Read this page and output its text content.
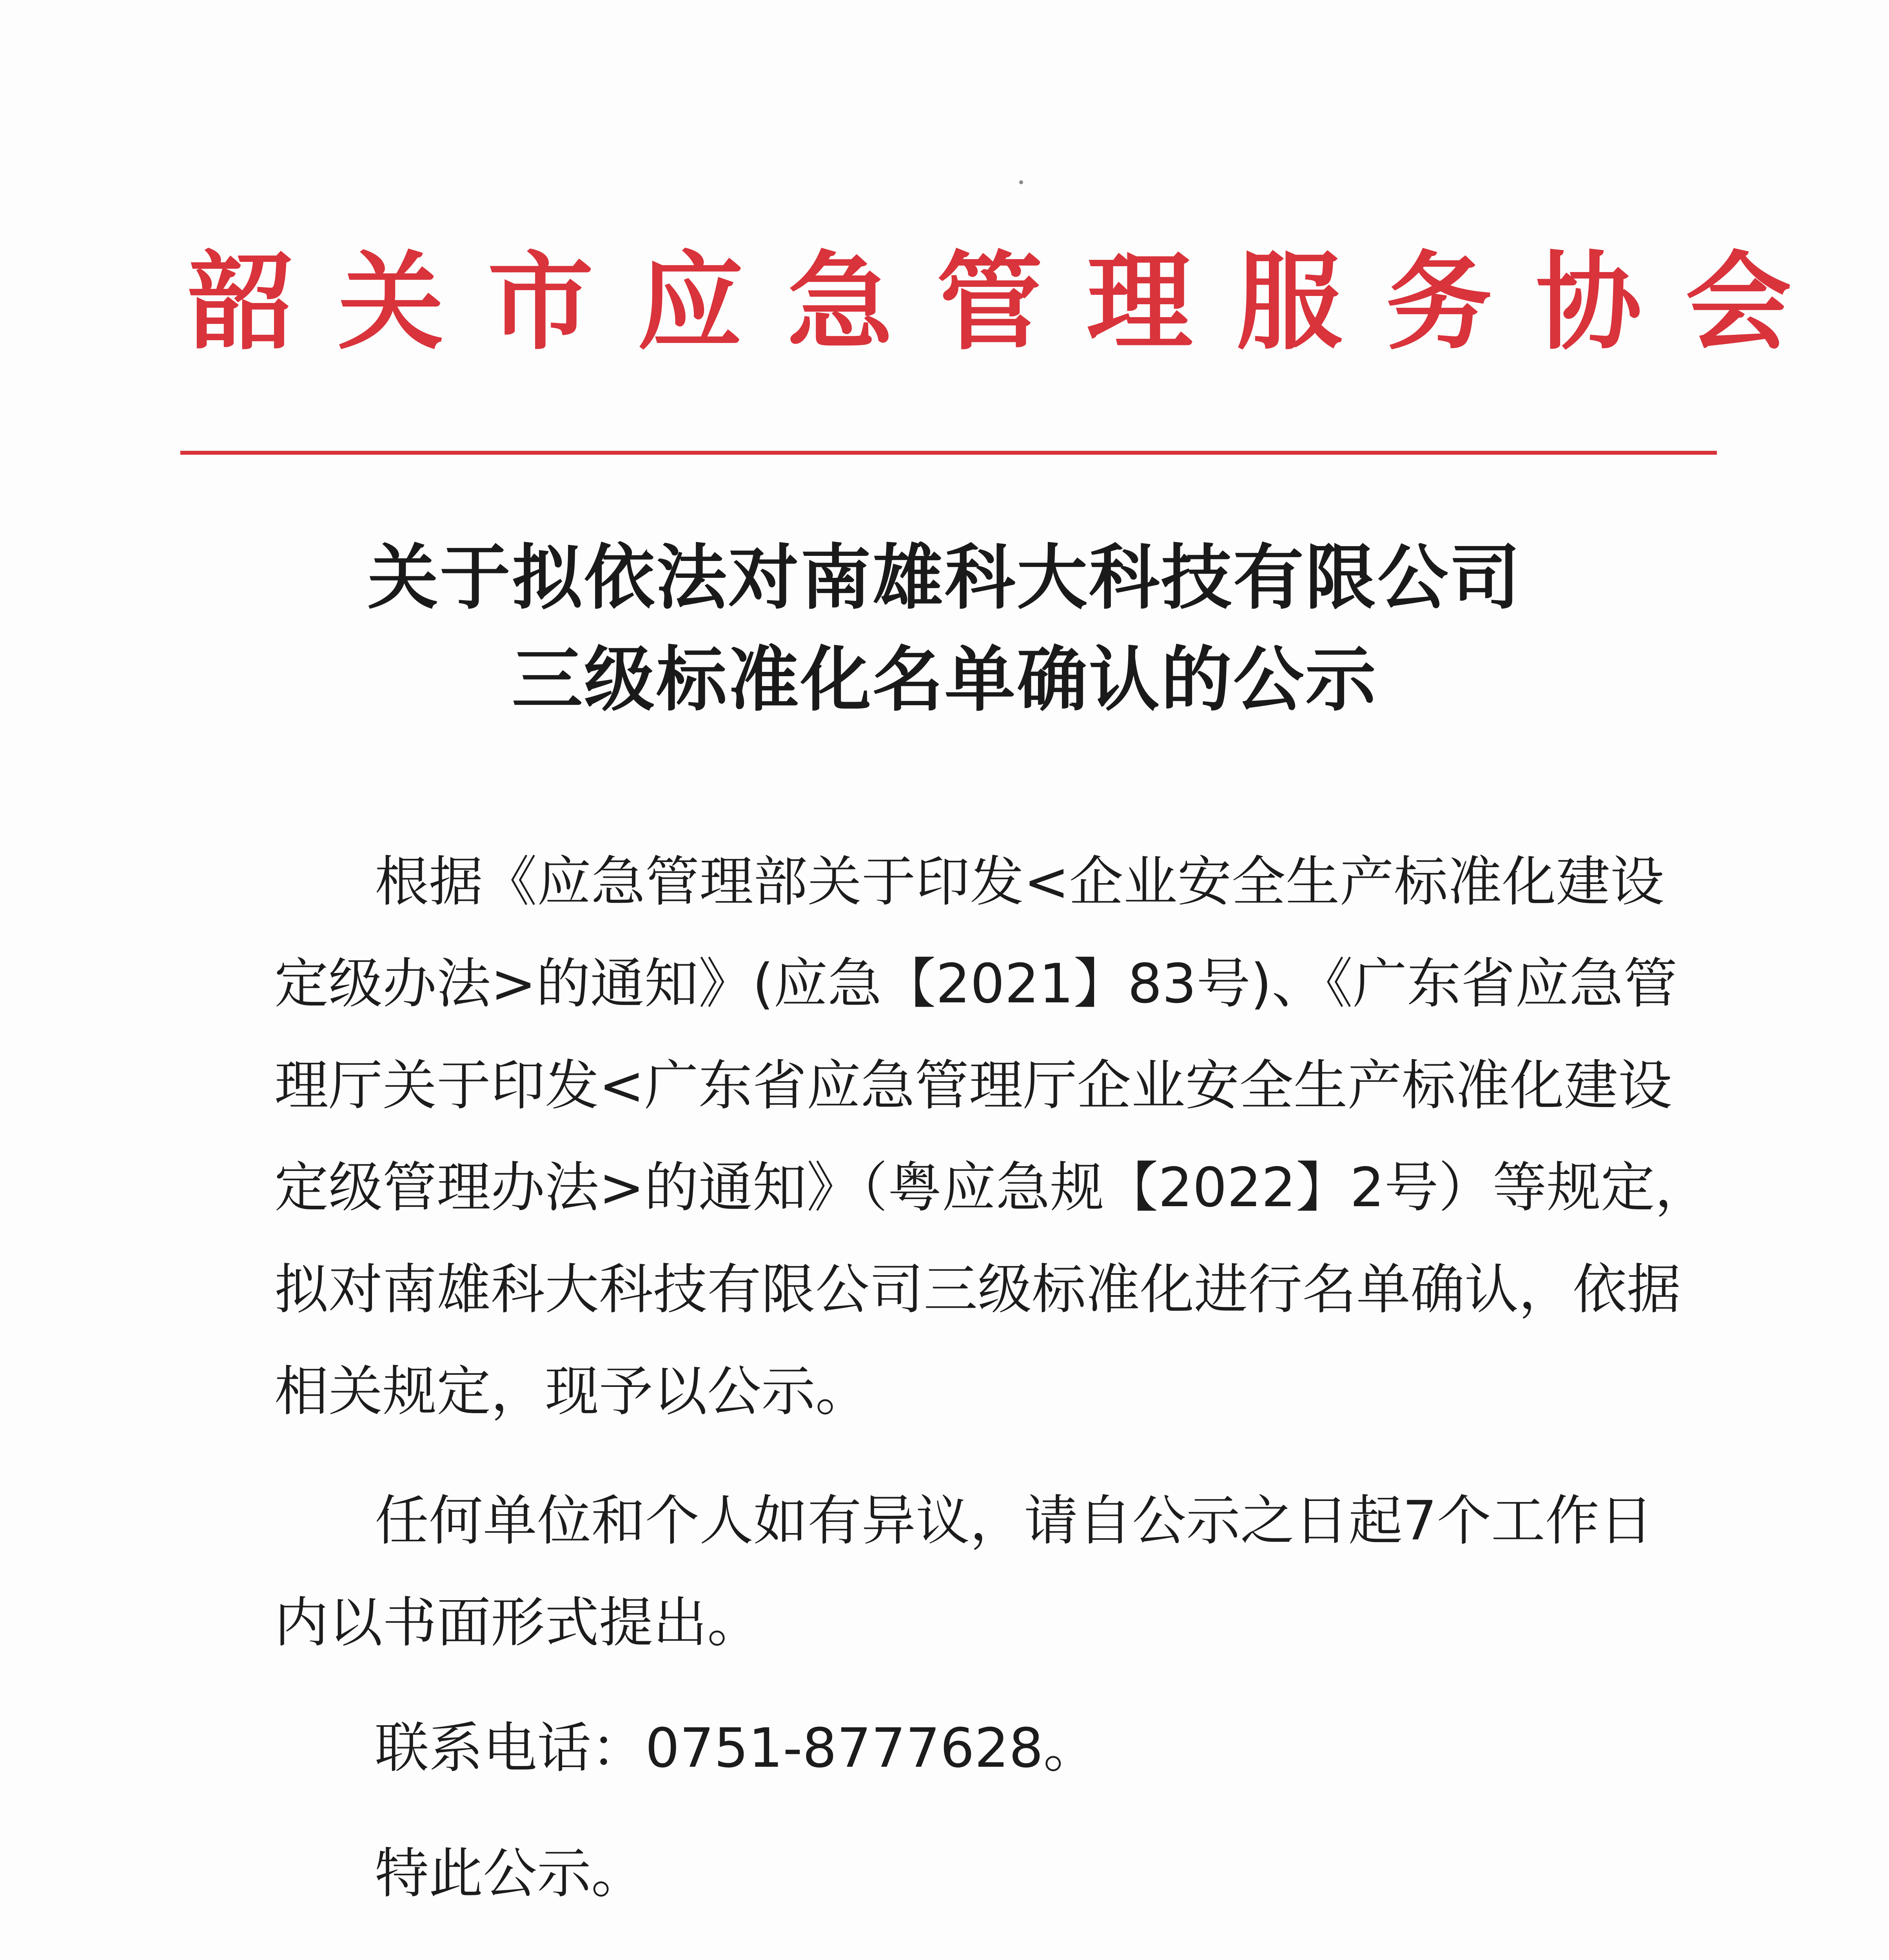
韶关市应急管理服务协会
关于拟依法对南雄科大科技有限公司
三级标准化名单确认的公示
根据《应急管理部关于印发<企业安全生产标准化建设
定级办法>的通知》(应急【2021】83号)、《广东省应急管
理厅关于印发<广东省应急管理厅企业安全生产标准化建设
定级管理办法>的通知》（粤应急规【2022】2号）等规定，
拟对南雄科大科技有限公司三级标准化进行名单确认，依据
相关规定，现予以公示。
任何单位和个人如有异议，请自公示之日起7个工作日
内以书面形式提出。
联系电话：0751-8777628。
特此公示。
